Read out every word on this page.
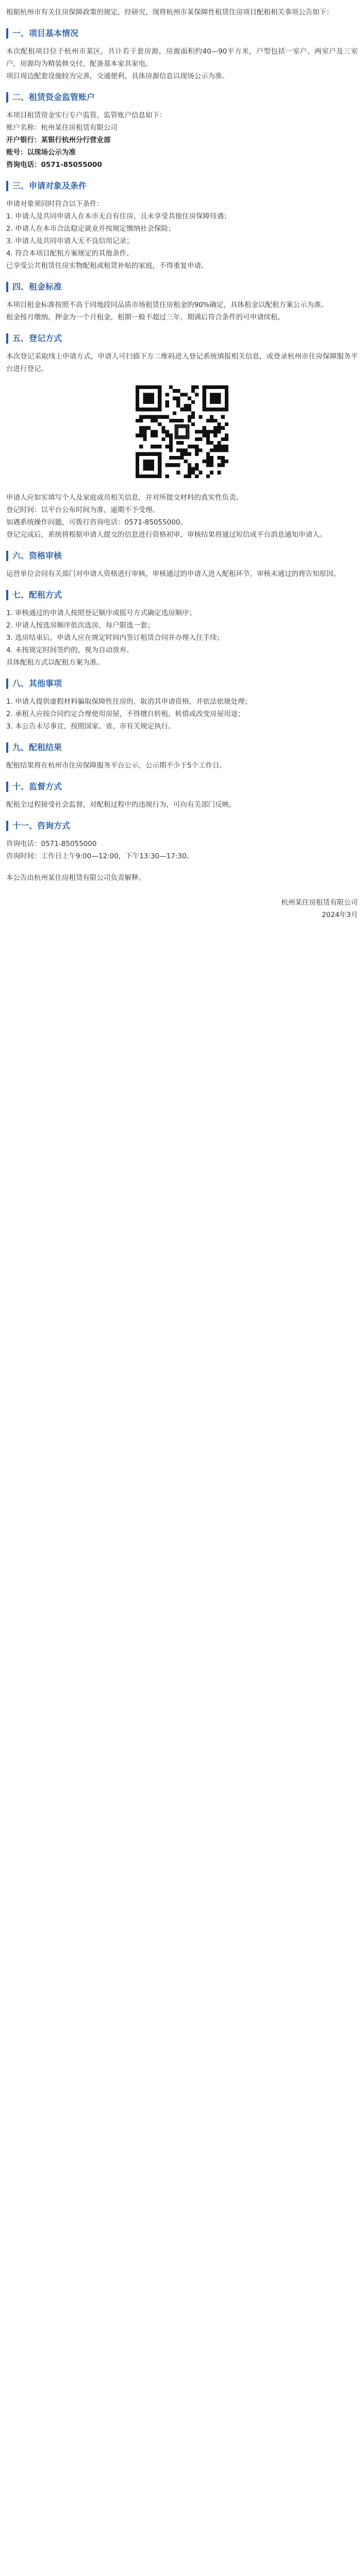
根据杭州市有关住房保障政策的规定，经研究，现将杭州市某保障性租赁住房项目配租相关事项公告如下：

一、项目基本情况

本次配租项目位于杭州市某区，共计若干套房源，房源面积约40—90平方米，户型包括一室户、两室户及三室户，房源均为精装修交付，配备基本家具家电。

项目周边配套设施较为完善，交通便利，具体房源信息以现场公示为准。

二、租赁资金监管账户

本项目租赁资金实行专户监管，监管账户信息如下：

账户名称：杭州某住房租赁有限公司

开户银行：某银行杭州分行营业部

账号：以现场公示为准

咨询电话：0571-85055000

三、申请对象及条件

申请对象须同时符合以下条件：

1. 申请人及共同申请人在本市无自有住房，且未享受其他住房保障待遇；

2. 申请人在本市合法稳定就业并按规定缴纳社会保险；

3. 申请人及共同申请人无不良信用记录；

4. 符合本项目配租方案规定的其他条件。

已享受公共租赁住房实物配租或租赁补贴的家庭，不得重复申请。

四、租金标准

本项目租金标准按照不高于同地段同品质市场租赁住房租金的90%确定，具体租金以配租方案公示为准。

租金按月缴纳，押金为一个月租金，租期一般不超过三年，期满后符合条件的可申请续租。

五、登记方式

本次登记采取线上申请方式，申请人可扫描下方二维码进入登记系统填报相关信息，或登录杭州市住房保障服务平台进行登记。

申请人应如实填写个人及家庭成员相关信息，并对所提交材料的真实性负责。

登记时间：以平台公布时间为准，逾期不予受理。

如遇系统操作问题，可拨打咨询电话：0571-85055000。

登记完成后，系统将根据申请人提交的信息进行资格初审，审核结果将通过短信或平台消息通知申请人。

六、资格审核

运营单位会同有关部门对申请人资格进行审核，审核通过的申请人进入配租环节，审核未通过的将告知原因。

七、配租方式

1. 审核通过的申请人按照登记顺序或摇号方式确定选房顺序；

2. 申请人按选房顺序依次选房，每户限选一套；

3. 选房结束后，申请人应在规定时间内签订租赁合同并办理入住手续；

4. 未按规定时间签约的，视为自动放弃。

具体配租方式以配租方案为准。

八、其他事项

1. 申请人提供虚假材料骗取保障性住房的，取消其申请资格，并依法依规处理；

2. 承租人应按合同约定合理使用房屋，不得擅自转租、转借或改变房屋用途；

3. 本公告未尽事宜，按照国家、省、市有关规定执行。

九、配租结果

配租结果将在杭州市住房保障服务平台公示，公示期不少于5个工作日。

十、监督方式

配租全过程接受社会监督，对配租过程中的违规行为，可向有关部门反映。

十一、咨询方式

咨询电话：0571-85055000

咨询时间：工作日上午9:00—12:00，下午13:30—17:30。

本公告由杭州某住房租赁有限公司负责解释。

杭州某住房租赁有限公司

2024年3月
